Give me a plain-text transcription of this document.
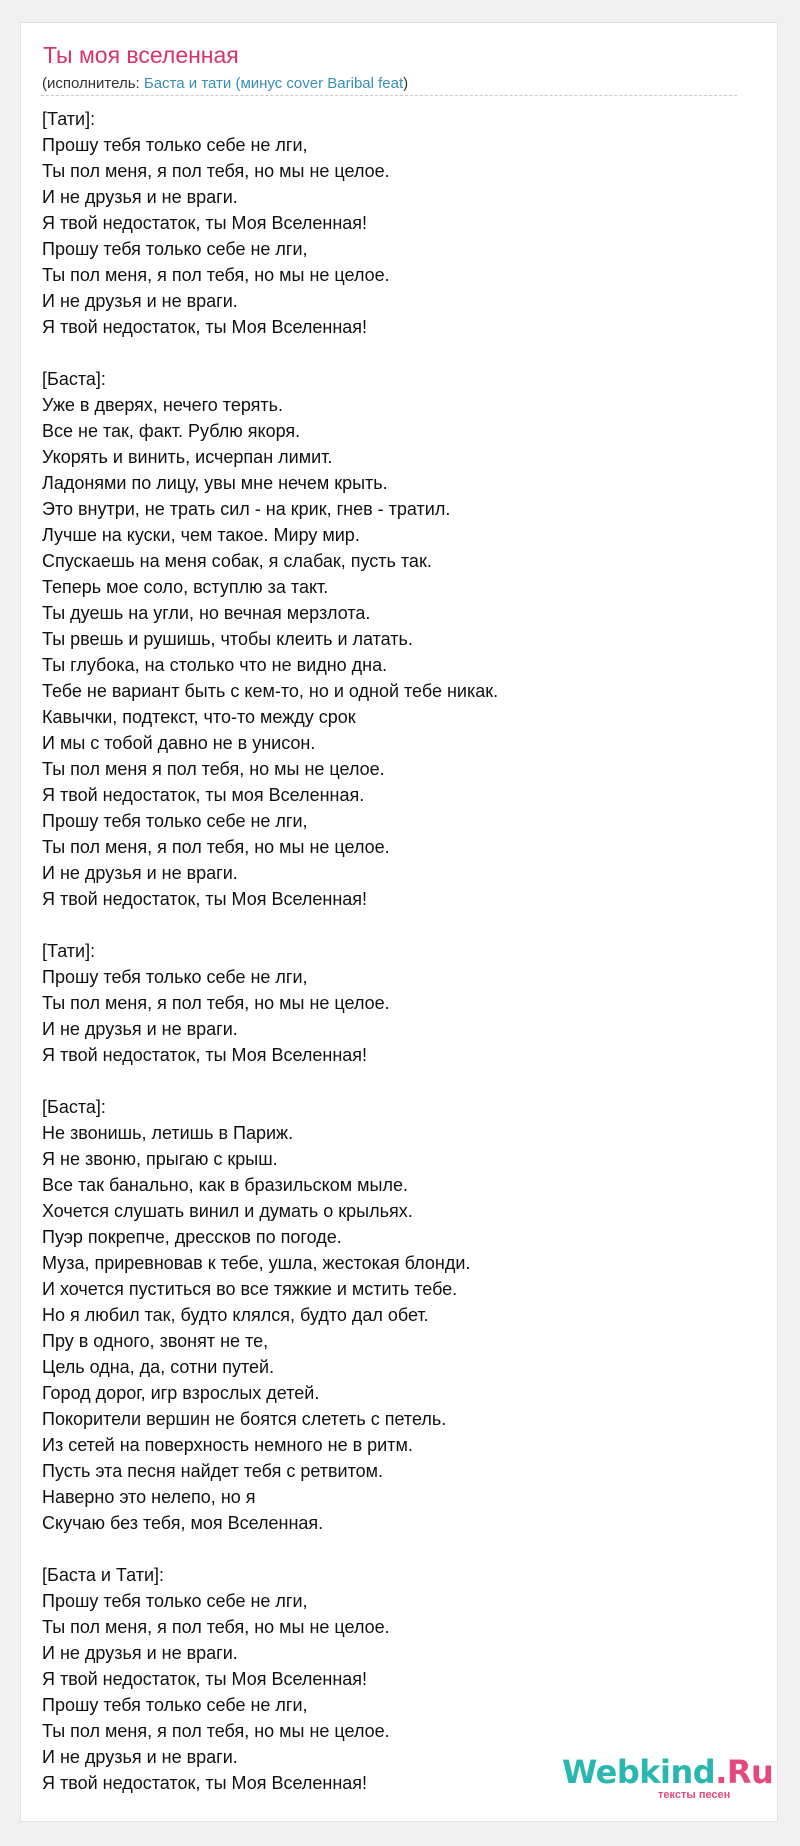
Ты моя вселенная
(исполнитель: Баста и тати (минус cover Baribal feat)
[Тати]:
Прошу тебя только себе не лги,
Ты пол меня, я пол тебя, но мы не целое.
И не друзья и не враги.
Я твой недостаток, ты Моя Вселенная!
Прошу тебя только себе не лги,
Ты пол меня, я пол тебя, но мы не целое.
И не друзья и не враги.
Я твой недостаток, ты Моя Вселенная!
[Баста]:
Уже в дверях, нечего терять.
Все не так, факт. Рублю якоря.
Укорять и винить, исчерпан лимит.
Ладонями по лицу, увы мне нечем крыть.
Это внутри, не трать сил - на крик, гнев - тратил.
Лучше на куски, чем такое. Миру мир.
Спускаешь на меня собак, я слабак, пусть так.
Теперь мое соло, вступлю за такт.
Ты дуешь на угли, но вечная мерзлота.
Ты рвешь и рушишь, чтобы клеить и латать.
Ты глубока, на столько что не видно дна.
Тебе не вариант быть с кем-то, но и одной тебе никак.
Кавычки, подтекст, что-то между срок
И мы с тобой давно не в унисон.
Ты пол меня я пол тебя, но мы не целое.
Я твой недостаток, ты моя Вселенная.
Прошу тебя только себе не лги,
Ты пол меня, я пол тебя, но мы не целое.
И не друзья и не враги.
Я твой недостаток, ты Моя Вселенная!
[Тати]:
Прошу тебя только себе не лги,
Ты пол меня, я пол тебя, но мы не целое.
И не друзья и не враги.
Я твой недостаток, ты Моя Вселенная!
[Баста]:
Не звонишь, летишь в Париж.
Я не звоню, прыгаю с крыш.
Все так банально, как в бразильском мыле.
Хочется слушать винил и думать о крыльях.
Пуэр покрепче, дрессков по погоде.
Муза, приревновав к тебе, ушла, жестокая блонди.
И хочется пуститься во все тяжкие и мстить тебе.
Но я любил так, будто клялся, будто дал обет.
Пру в одного, звонят не те,
Цель одна, да, сотни путей.
Город дорог, игр взрослых детей.
Покорители вершин не боятся слететь с петель.
Из сетей на поверхность немного не в ритм.
Пусть эта песня найдет тебя с ретвитом.
Наверно это нелепо, но я
Скучаю без тебя, моя Вселенная.
[Баста и Тати]:
Прошу тебя только себе не лги,
Ты пол меня, я пол тебя, но мы не целое.
И не друзья и не враги.
Я твой недостаток, ты Моя Вселенная!
Прошу тебя только себе не лги,
Ты пол меня, я пол тебя, но мы не целое.
И не друзья и не враги.
Я твой недостаток, ты Моя Вселенная!	Webkind.Ru
тексты песен
